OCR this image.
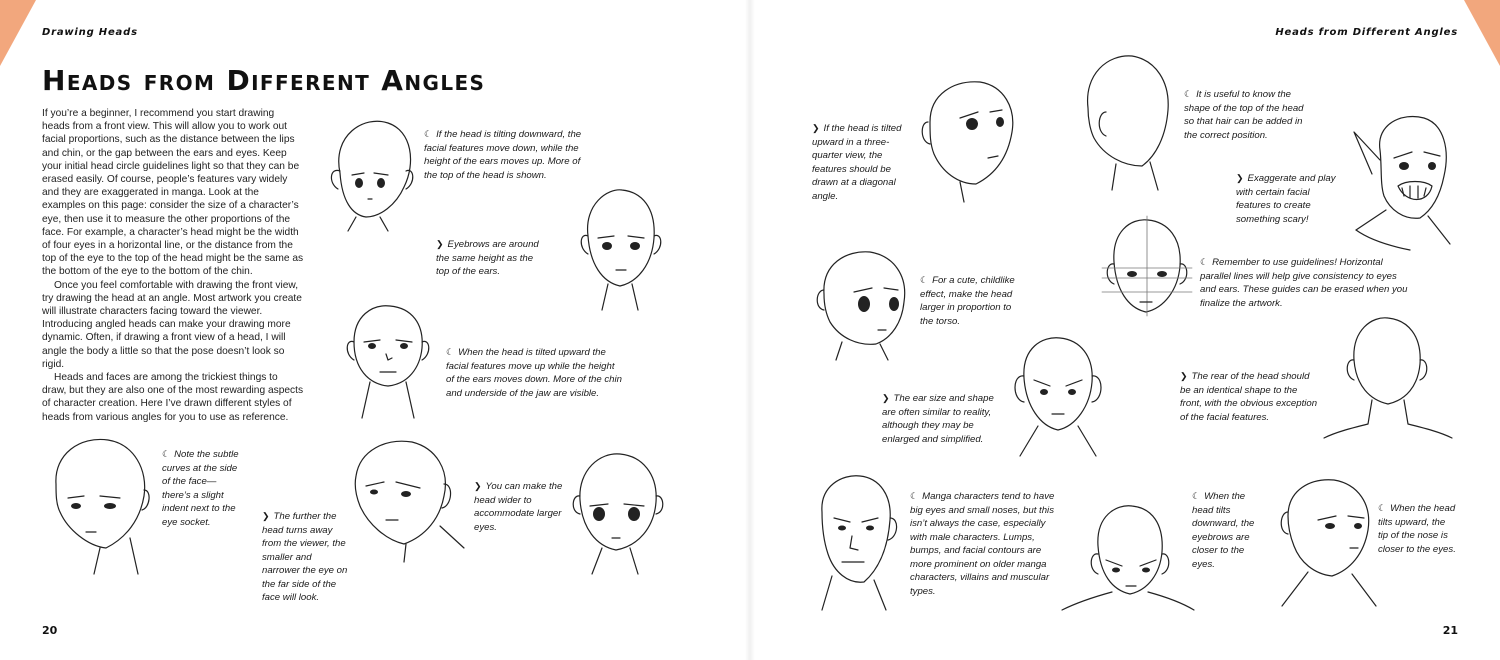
Drawing Heads
Heads from Different Angles

If you’re a beginner, I recommend you start drawing heads from a front view. This will allow you to work out facial proportions, such as the distance between the lips and chin, or the gap between the ears and eyes. Keep your initial head circle guidelines light so that they can be erased easily. Of course, people’s features vary widely and they are exaggerated in manga. Look at the examples on this page: consider the size of a character’s eye, then use it to measure the other proportions of the face. For example, a character’s head might be the width of four eyes in a horizontal line, or the distance from the top of the eye to the top of the head might be the same as the bottom of the eye to the bottom of the chin.

Once you feel comfortable with drawing the front view, try drawing the head at an angle. Most artwork you create will illustrate characters facing toward the viewer. Introducing angled heads can make your drawing more dynamic. Often, if drawing a front view of a head, I will angle the body a little so that the pose doesn’t look so rigid.

Heads and faces are among the trickiest things to draw, but they are also one of the most rewarding aspects of character creation. Here I’ve drawn different styles of heads from various angles for you to use as reference.

☾ If the head is tilting downward, the facial features move down, while the height of the ears moves up. More of the top of the head is shown.

❯ Eyebrows are around the same height as the top of the ears.

☾ When the head is tilted upward the facial features move up while the height of the ears moves down. More of the chin and underside of the jaw are visible.

☾ Note the subtle curves at the side of the face—there’s a slight indent next to the eye socket.

❯ The further the head turns away from the viewer, the smaller and narrower the eye on the far side of the face will look.

❯ You can make the head wider to accommodate larger eyes.

20
Heads from Different Angles

❯ If the head is tilted upward in a three-quarter view, the features should be drawn at a diagonal angle.

☾ It is useful to know the shape of the top of the head so that hair can be added in the correct position.

❯ Exaggerate and play with certain facial features to create something scary!

☾ For a cute, childlike effect, make the head larger in proportion to the torso.

☾ Remember to use guidelines! Horizontal parallel lines will help give consistency to eyes and ears. These guides can be erased when you finalize the artwork.

❯ The ear size and shape are often similar to reality, although they may be enlarged and simplified.

❯ The rear of the head should be an identical shape to the front, with the obvious exception of the facial features.

☾ Manga characters tend to have big eyes and small noses, but this isn’t always the case, especially with male characters. Lumps, bumps, and facial contours are more prominent on older manga characters, villains and muscular types.

☾ When the head tilts downward, the eyebrows are closer to the eyes.

☾ When the head tilts upward, the tip of the nose is closer to the eyes.

21
